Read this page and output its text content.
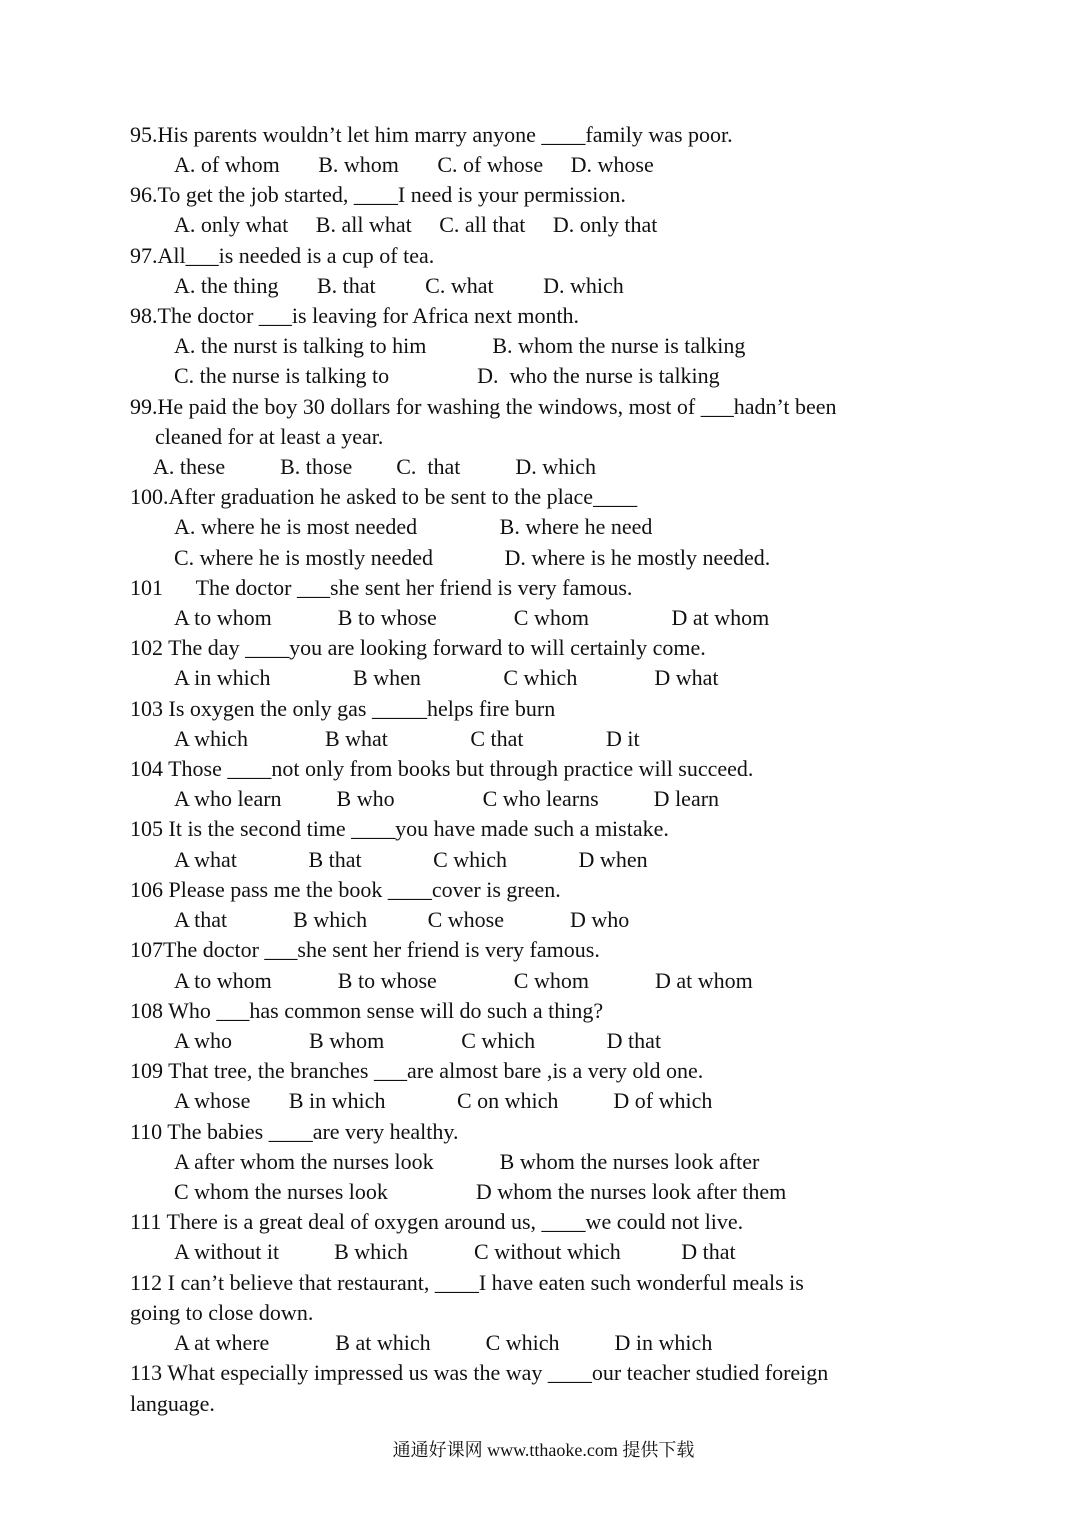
95.His parents wouldn’t let him marry anyone ____family was poor.
A. of whom       B. whom       C. of whose     D. whose
96.To get the job started, ____I need is your permission.
A. only what     B. all what     C. all that     D. only that
97.All___is needed is a cup of tea.
A. the thing       B. that         C. what         D. which
98.The doctor ___is leaving for Africa next month.
A. the nurst is talking to him            B. whom the nurse is talking
C. the nurse is talking to                D.  who the nurse is talking
99.He paid the boy 30 dollars for washing the windows, most of ___hadn’t been
cleaned for at least a year.
A. these          B. those        C.  that          D. which
100.After graduation he asked to be sent to the place____
A. where he is most needed               B. where he need
C. where he is mostly needed             D. where is he mostly needed.
101      The doctor ___she sent her friend is very famous.
A to whom            B to whose              C whom               D at whom
102 The day ____you are looking forward to will certainly come.
A in which               B when               C which              D what
103 Is oxygen the only gas _____helps fire burn
A which              B what               C that               D it
104 Those ____not only from books but through practice will succeed.
A who learn          B who                C who learns          D learn
105 It is the second time ____you have made such a mistake.
A what             B that             C which             D when
106 Please pass me the book ____cover is green.
A that            B which           C whose            D who
107The doctor ___she sent her friend is very famous.
A to whom            B to whose              C whom            D at whom
108 Who ___has common sense will do such a thing?
A who              B whom              C which             D that
109 That tree, the branches ___are almost bare ,is a very old one.
A whose       B in which             C on which          D of which
110 The babies ____are very healthy.
A after whom the nurses look            B whom the nurses look after
C whom the nurses look                D whom the nurses look after them
111 There is a great deal of oxygen around us, ____we could not live.
A without it          B which            C without which           D that
112 I can’t believe that restaurant, ____I have eaten such wonderful meals is
going to close down.
A at where            B at which          C which          D in which
113 What especially impressed us was the way ____our teacher studied foreign
language.
通通好课网 www.tthaoke.com 提供下载
